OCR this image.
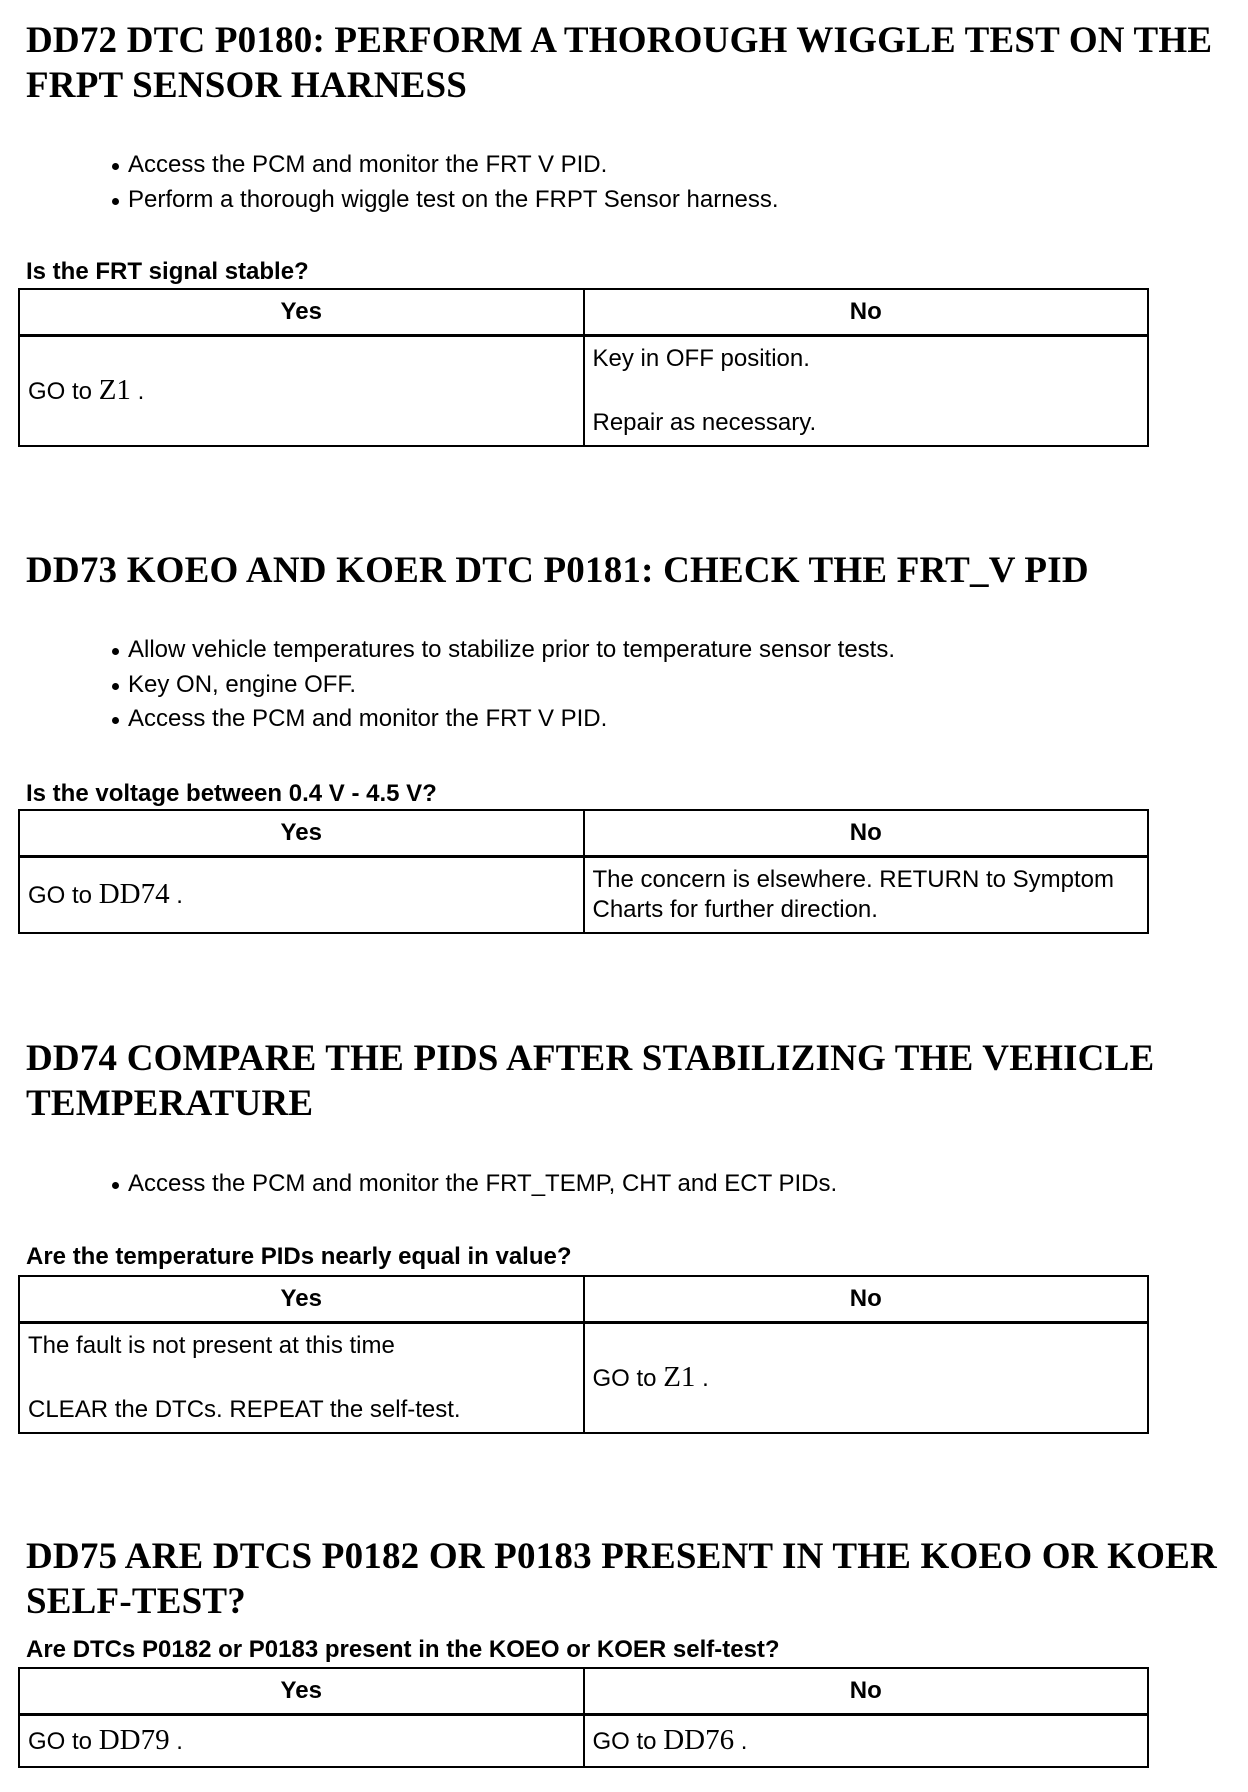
DD72 DTC P0180: PERFORM A THOROUGH WIGGLE TEST ON THE FRPT SENSOR HARNESS
Access the PCM and monitor the FRT V PID.
Perform a thorough wiggle test on the FRPT Sensor harness.
Is the FRT signal stable?
Yes	No
GO to Z1 .	Key in OFF position.
Repair as necessary.
DD73 KOEO AND KOER DTC P0181: CHECK THE FRT_V PID
Allow vehicle temperatures to stabilize prior to temperature sensor tests.
Key ON, engine OFF.
Access the PCM and monitor the FRT V PID.
Is the voltage between 0.4 V - 4.5 V?
Yes	No
GO to DD74 .	The concern is elsewhere. RETURN to Symptom Charts for further direction.
DD74 COMPARE THE PIDS AFTER STABILIZING THE VEHICLE TEMPERATURE
Access the PCM and monitor the FRT_TEMP, CHT and ECT PIDs.
Are the temperature PIDs nearly equal in value?
Yes	No

The fault is not present at this time
CLEAR the DTCs. REPEAT the self-test.	GO to Z1 .
DD75 ARE DTCS P0182 OR P0183 PRESENT IN THE KOEO OR KOER SELF-TEST?
Are DTCs P0182 or P0183 present in the KOEO or KOER self-test?
Yes	No
GO to DD79 .	GO to DD76 .
